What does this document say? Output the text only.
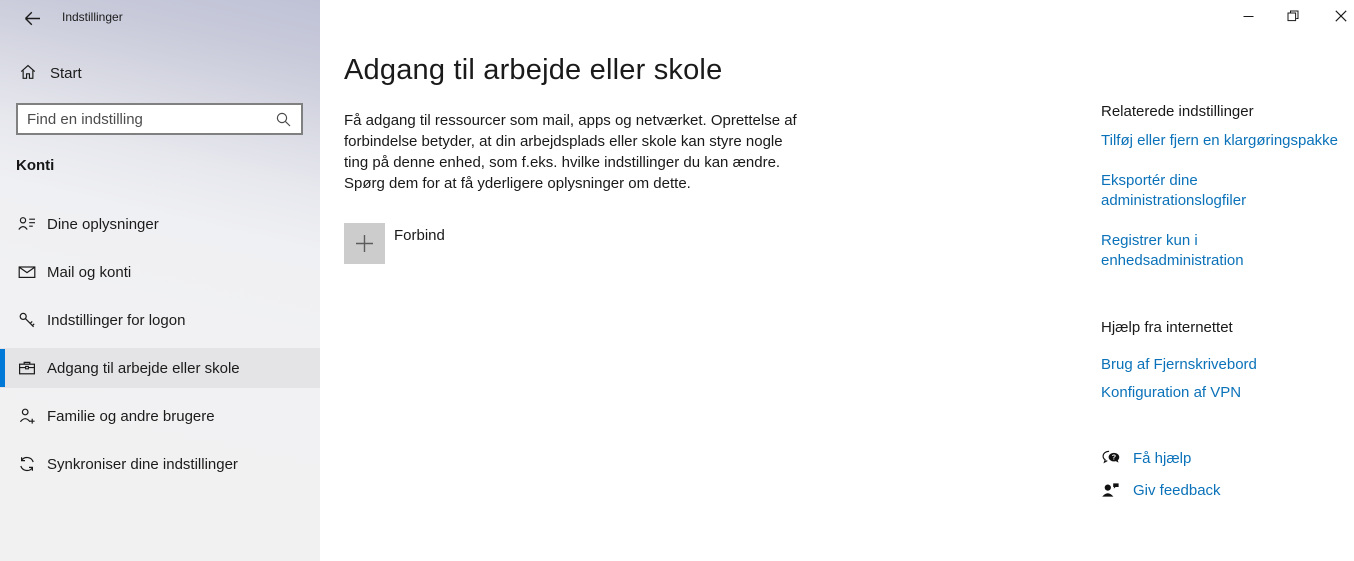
Indstillinger
Start
Find en indstilling
Konti
Dine oplysninger
Mail og konti
Indstillinger for logon
Adgang til arbejde eller skole
Familie og andre brugere
Synkroniser dine indstillinger
Adgang til arbejde eller skole

Få adgang til ressourcer som mail, apps og netværket. Oprettelse af forbindelse betyder, at din arbejdsplads eller skole kan styre nogle ting på denne enhed, som f.eks. hvilke indstillinger du kan ændre. Spørg dem for at få yderligere oplysninger om dette.

Forbind
Relaterede indstillinger
Tilføj eller fjern en klargøringspakke
Eksportér dine administrationslogfiler
Registrer kun i enhedsadministration
Hjælp fra internettet
Brug af Fjernskrivebord
Konfiguration af VPN
? Få hjælp
Giv feedback
